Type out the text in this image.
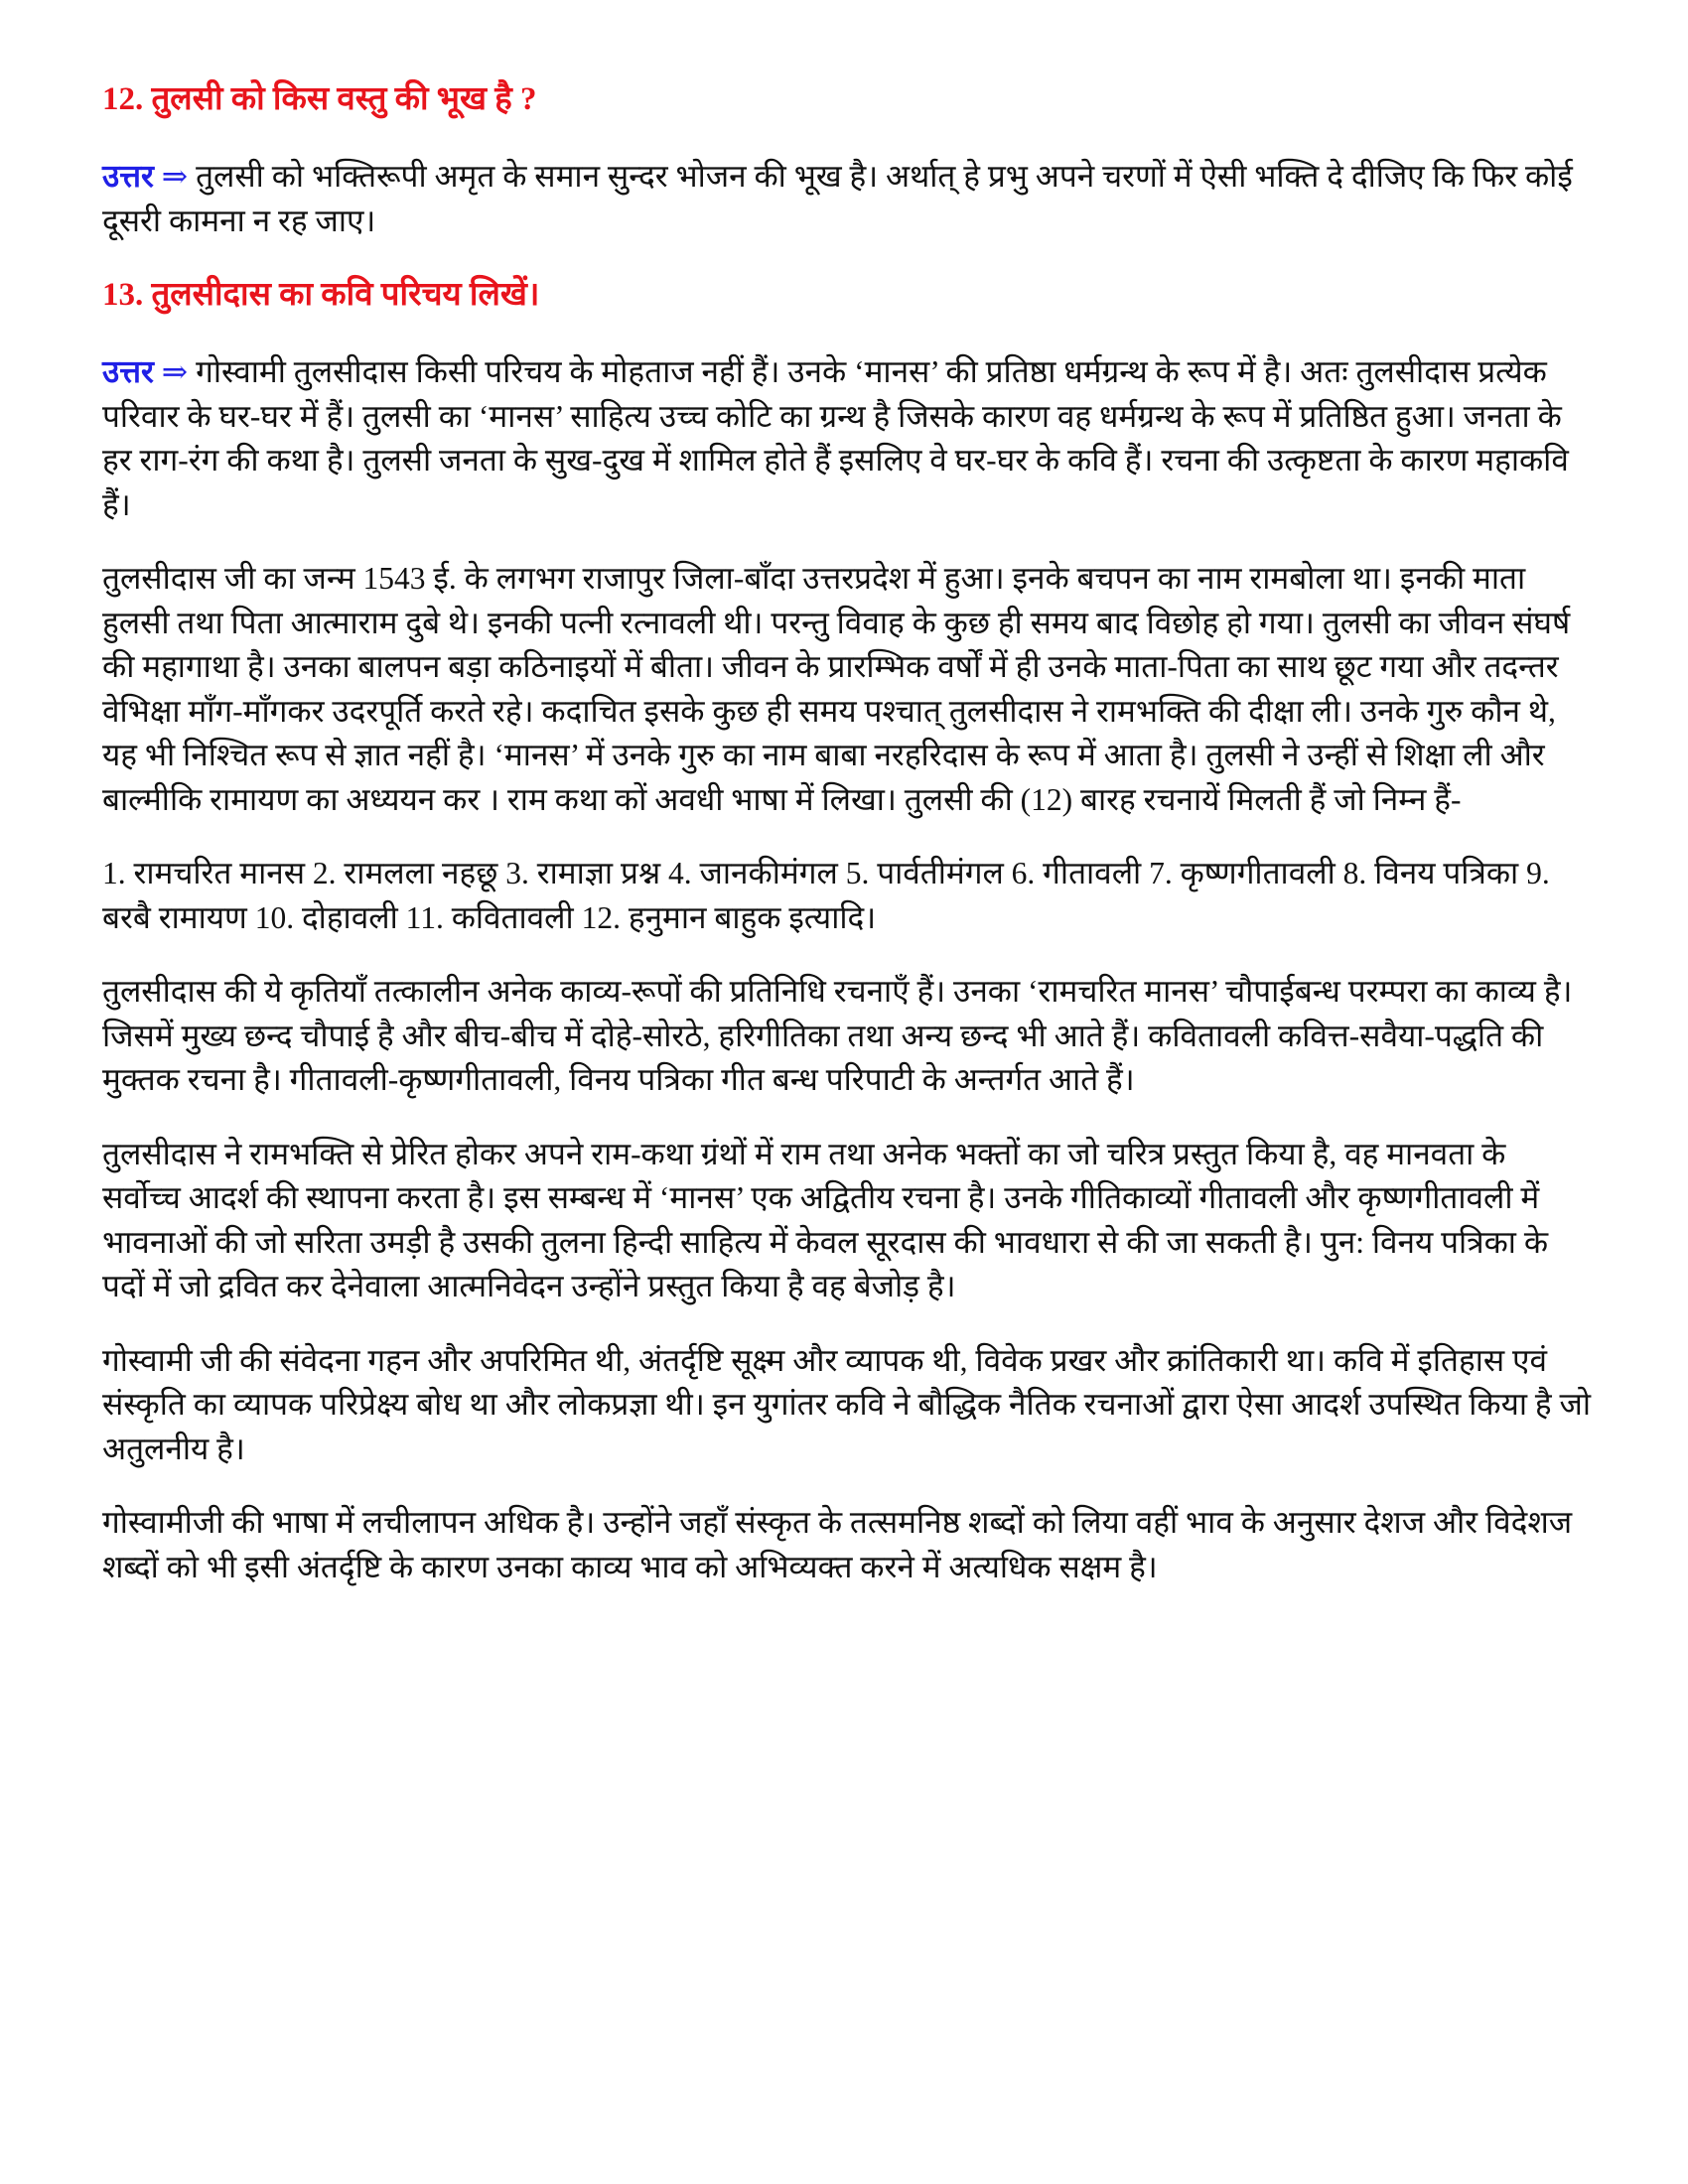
12. तुलसी को किस वस्तु की भूख है ?
उत्तर ⇒ तुलसी को भक्तिरूपी अमृत के समान सुन्दर भोजन की भूख है। अर्थात् हे प्रभु अपने चरणों में ऐसी भक्ति दे दीजिए कि फिर कोई दूसरी कामना न रह जाए।
13. तुलसीदास का कवि परिचय लिखें।
उत्तर ⇒ गोस्वामी तुलसीदास किसी परिचय के मोहताज नहीं हैं। उनके ‘मानस’ की प्रतिष्ठा धर्मग्रन्थ के रूप में है। अतः तुलसीदास प्रत्येक परिवार के घर-घर में हैं। तुलसी का ‘मानस’ साहित्य उच्च कोटि का ग्रन्थ है जिसके कारण वह धर्मग्रन्थ के रूप में प्रतिष्ठित हुआ। जनता के हर राग-रंग की कथा है। तुलसी जनता के सुख-दुख में शामिल होते हैं इसलिए वे घर-घर के कवि हैं। रचना की उत्कृष्टता के कारण महाकवि हैं।
तुलसीदास जी का जन्म 1543 ई. के लगभग राजापुर जिला-बाँदा उत्तरप्रदेश में हुआ। इनके बचपन का नाम रामबोला था। इनकी माता हुलसी तथा पिता आत्माराम दुबे थे। इनकी पत्नी रत्नावली थी। परन्तु विवाह के कुछ ही समय बाद विछोह हो गया। तुलसी का जीवन संघर्ष की महागाथा है। उनका बालपन बड़ा कठिनाइयों में बीता। जीवन के प्रारम्भिक वर्षों में ही उनके माता-पिता का साथ छूट गया और तदन्तर वेभिक्षा माँग-माँगकर उदरपूर्ति करते रहे। कदाचित इसके कुछ ही समय पश्चात् तुलसीदास ने रामभक्ति की दीक्षा ली। उनके गुरु कौन थे, यह भी निश्चित रूप से ज्ञात नहीं है। ‘मानस’ में उनके गुरु का नाम बाबा नरहरिदास के रूप में आता है। तुलसी ने उन्हीं से शिक्षा ली और बाल्मीकि रामायण का अध्ययन कर । राम कथा कों अवधी भाषा में लिखा। तुलसी की (12) बारह रचनायें मिलती हैं जो निम्न हैं-
1. रामचरित मानस 2. रामलला नहछू 3. रामाज्ञा प्रश्न 4. जानकीमंगल 5. पार्वतीमंगल 6. गीतावली 7. कृष्णगीतावली 8. विनय पत्रिका 9. बरबै रामायण 10. दोहावली 11. कवितावली 12. हनुमान बाहुक इत्यादि।
तुलसीदास की ये कृतियाँ तत्कालीन अनेक काव्य-रूपों की प्रतिनिधि रचनाएँ हैं। उनका ‘रामचरित मानस’ चौपाईबन्ध परम्परा का काव्य है। जिसमें मुख्य छन्द चौपाई है और बीच-बीच में दोहे-सोरठे, हरिगीतिका तथा अन्य छन्द भी आते हैं। कवितावली कवित्त-सवैया-पद्धति की मुक्तक रचना है। गीतावली-कृष्णगीतावली, विनय पत्रिका गीत बन्ध परिपाटी के अन्तर्गत आते हैं।
तुलसीदास ने रामभक्ति से प्रेरित होकर अपने राम-कथा ग्रंथों में राम तथा अनेक भक्तों का जो चरित्र प्रस्तुत किया है, वह मानवता के सर्वोच्च आदर्श की स्थापना करता है। इस सम्बन्ध में ‘मानस’ एक अद्वितीय रचना है। उनके गीतिकाव्यों गीतावली और कृष्णगीतावली में भावनाओं की जो सरिता उमड़ी है उसकी तुलना हिन्दी साहित्य में केवल सूरदास की भावधारा से की जा सकती है। पुन: विनय पत्रिका के पदों में जो द्रवित कर देनेवाला आत्मनिवेदन उन्होंने प्रस्तुत किया है वह बेजोड़ है।
गोस्वामी जी की संवेदना गहन और अपरिमित थी, अंतर्दृष्टि सूक्ष्म और व्यापक थी, विवेक प्रखर और क्रांतिकारी था। कवि में इतिहास एवं संस्कृति का व्यापक परिप्रेक्ष्य बोध था और लोकप्रज्ञा थी। इन युगांतर कवि ने बौद्धिक नैतिक रचनाओं द्वारा ऐसा आदर्श उपस्थित किया है जो अतुलनीय है।
गोस्वामीजी की भाषा में लचीलापन अधिक है। उन्होंने जहाँ संस्कृत के तत्समनिष्ठ शब्दों को लिया वहीं भाव के अनुसार देशज और विदेशज शब्दों को भी इसी अंतर्दृष्टि के कारण उनका काव्य भाव को अभिव्यक्त करने में अत्यधिक सक्षम है।
